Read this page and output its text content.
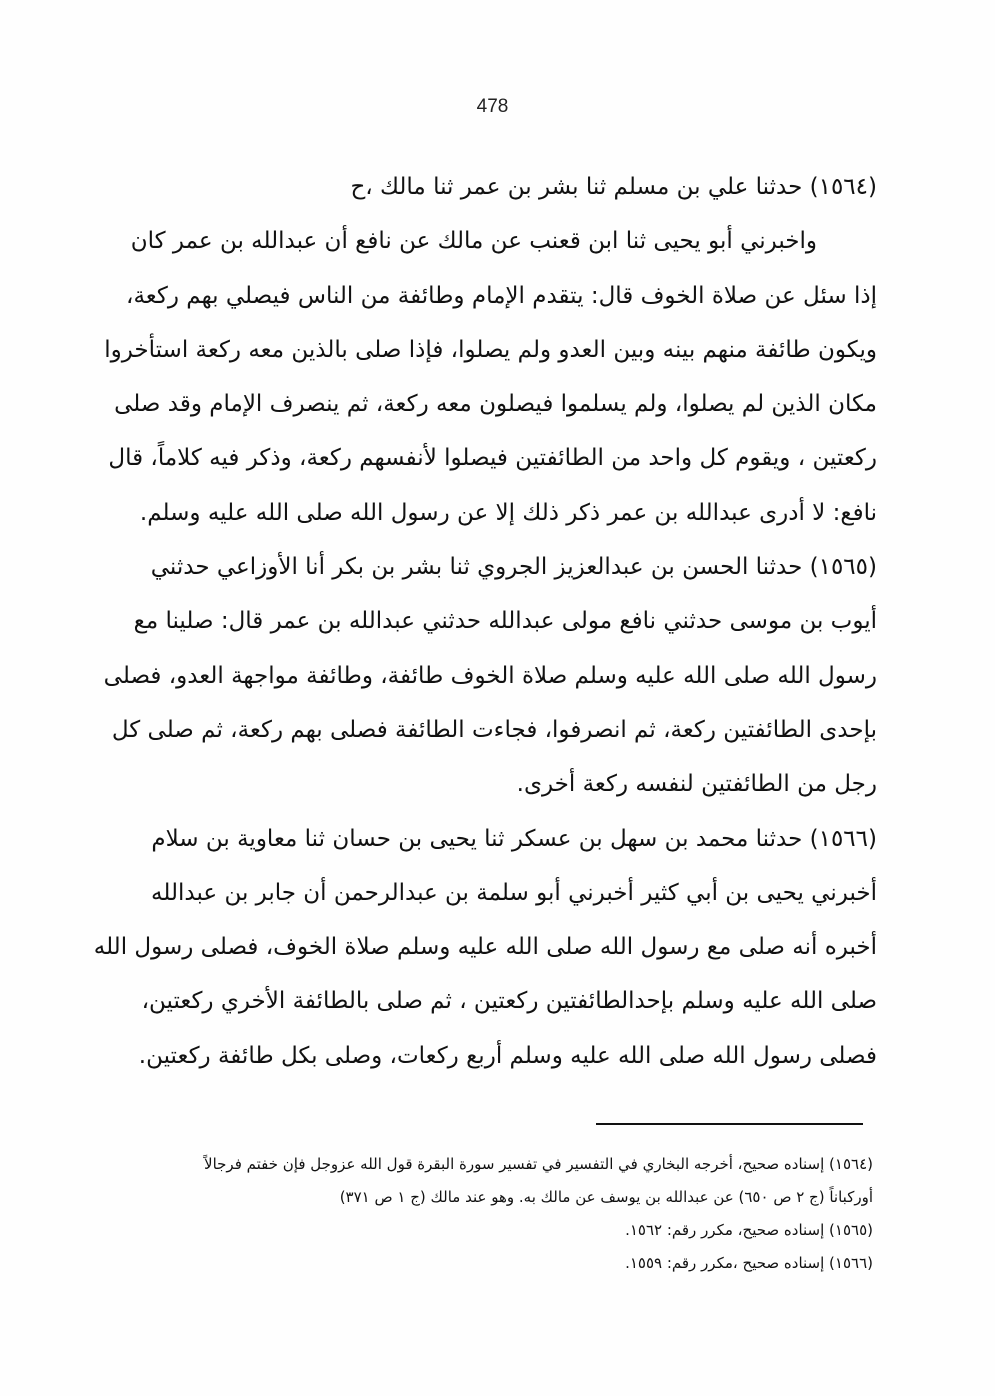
478
(١٥٦٤) حدثنا علي بن مسلم ثنا بشر بن عمر ثنا مالك ،ح
واخبرني أبو يحيى ثنا ابن قعنب عن مالك عن نافع أن عبدالله بن عمر كان
إذا سئل عن صلاة الخوف قال: يتقدم الإمام وطائفة من الناس فيصلي بهم ركعة،
ويكون طائفة منهم بينه وبين العدو ولم يصلوا، فإذا صلى بالذين معه ركعة استأخروا
مكان الذين لم يصلوا، ولم يسلموا فيصلون معه ركعة، ثم ينصرف الإمام وقد صلى
ركعتين ، ويقوم كل واحد من الطائفتين فيصلوا لأنفسهم ركعة، وذكر فيه كلاماً، قال
نافع: لا أدرى عبدالله بن عمر ذكر ذلك إلا عن رسول الله صلى الله عليه وسلم.
(١٥٦٥) حدثنا الحسن بن عبدالعزيز الجروي ثنا بشر بن بكر أنا الأوزاعي حدثني
أيوب بن موسى حدثني نافع مولى عبدالله حدثني عبدالله بن عمر قال: صلينا مع
رسول الله صلى الله عليه وسلم صلاة الخوف طائفة، وطائفة مواجهة العدو، فصلى
بإحدى الطائفتين ركعة، ثم انصرفوا، فجاءت الطائفة فصلى بهم ركعة، ثم صلى كل
رجل من الطائفتين لنفسه ركعة أخرى.
(١٥٦٦) حدثنا محمد بن سهل بن عسكر ثنا يحيى بن حسان ثنا معاوية بن سلام
أخبرني يحيى بن أبي كثير أخبرني أبو سلمة بن عبدالرحمن أن جابر بن عبدالله
أخبره أنه صلى مع رسول الله صلى الله عليه وسلم صلاة الخوف، فصلى رسول الله
صلى الله عليه وسلم بإحدالطائفتين ركعتين ، ثم صلى بالطائفة الأخري ركعتين،
فصلى رسول الله صلى الله عليه وسلم أربع ركعات، وصلى بكل طائفة ركعتين.
(١٥٦٤) إسناده صحيح، أخرجه البخاري في التفسير في تفسير سورة البقرة قول الله عزوجل فإن خفتم فرجالاً
أوركباناً (ج ٢ ص ٦٥٠) عن عبدالله بن يوسف عن مالك به. وهو عند مالك (ج ١ ص ٣٧١)
(١٥٦٥) إسناده صحيح، مكرر رقم: ١٥٦٢.
(١٥٦٦) إسناده صحيح ،مكرر رقم: ١٥٥٩.
